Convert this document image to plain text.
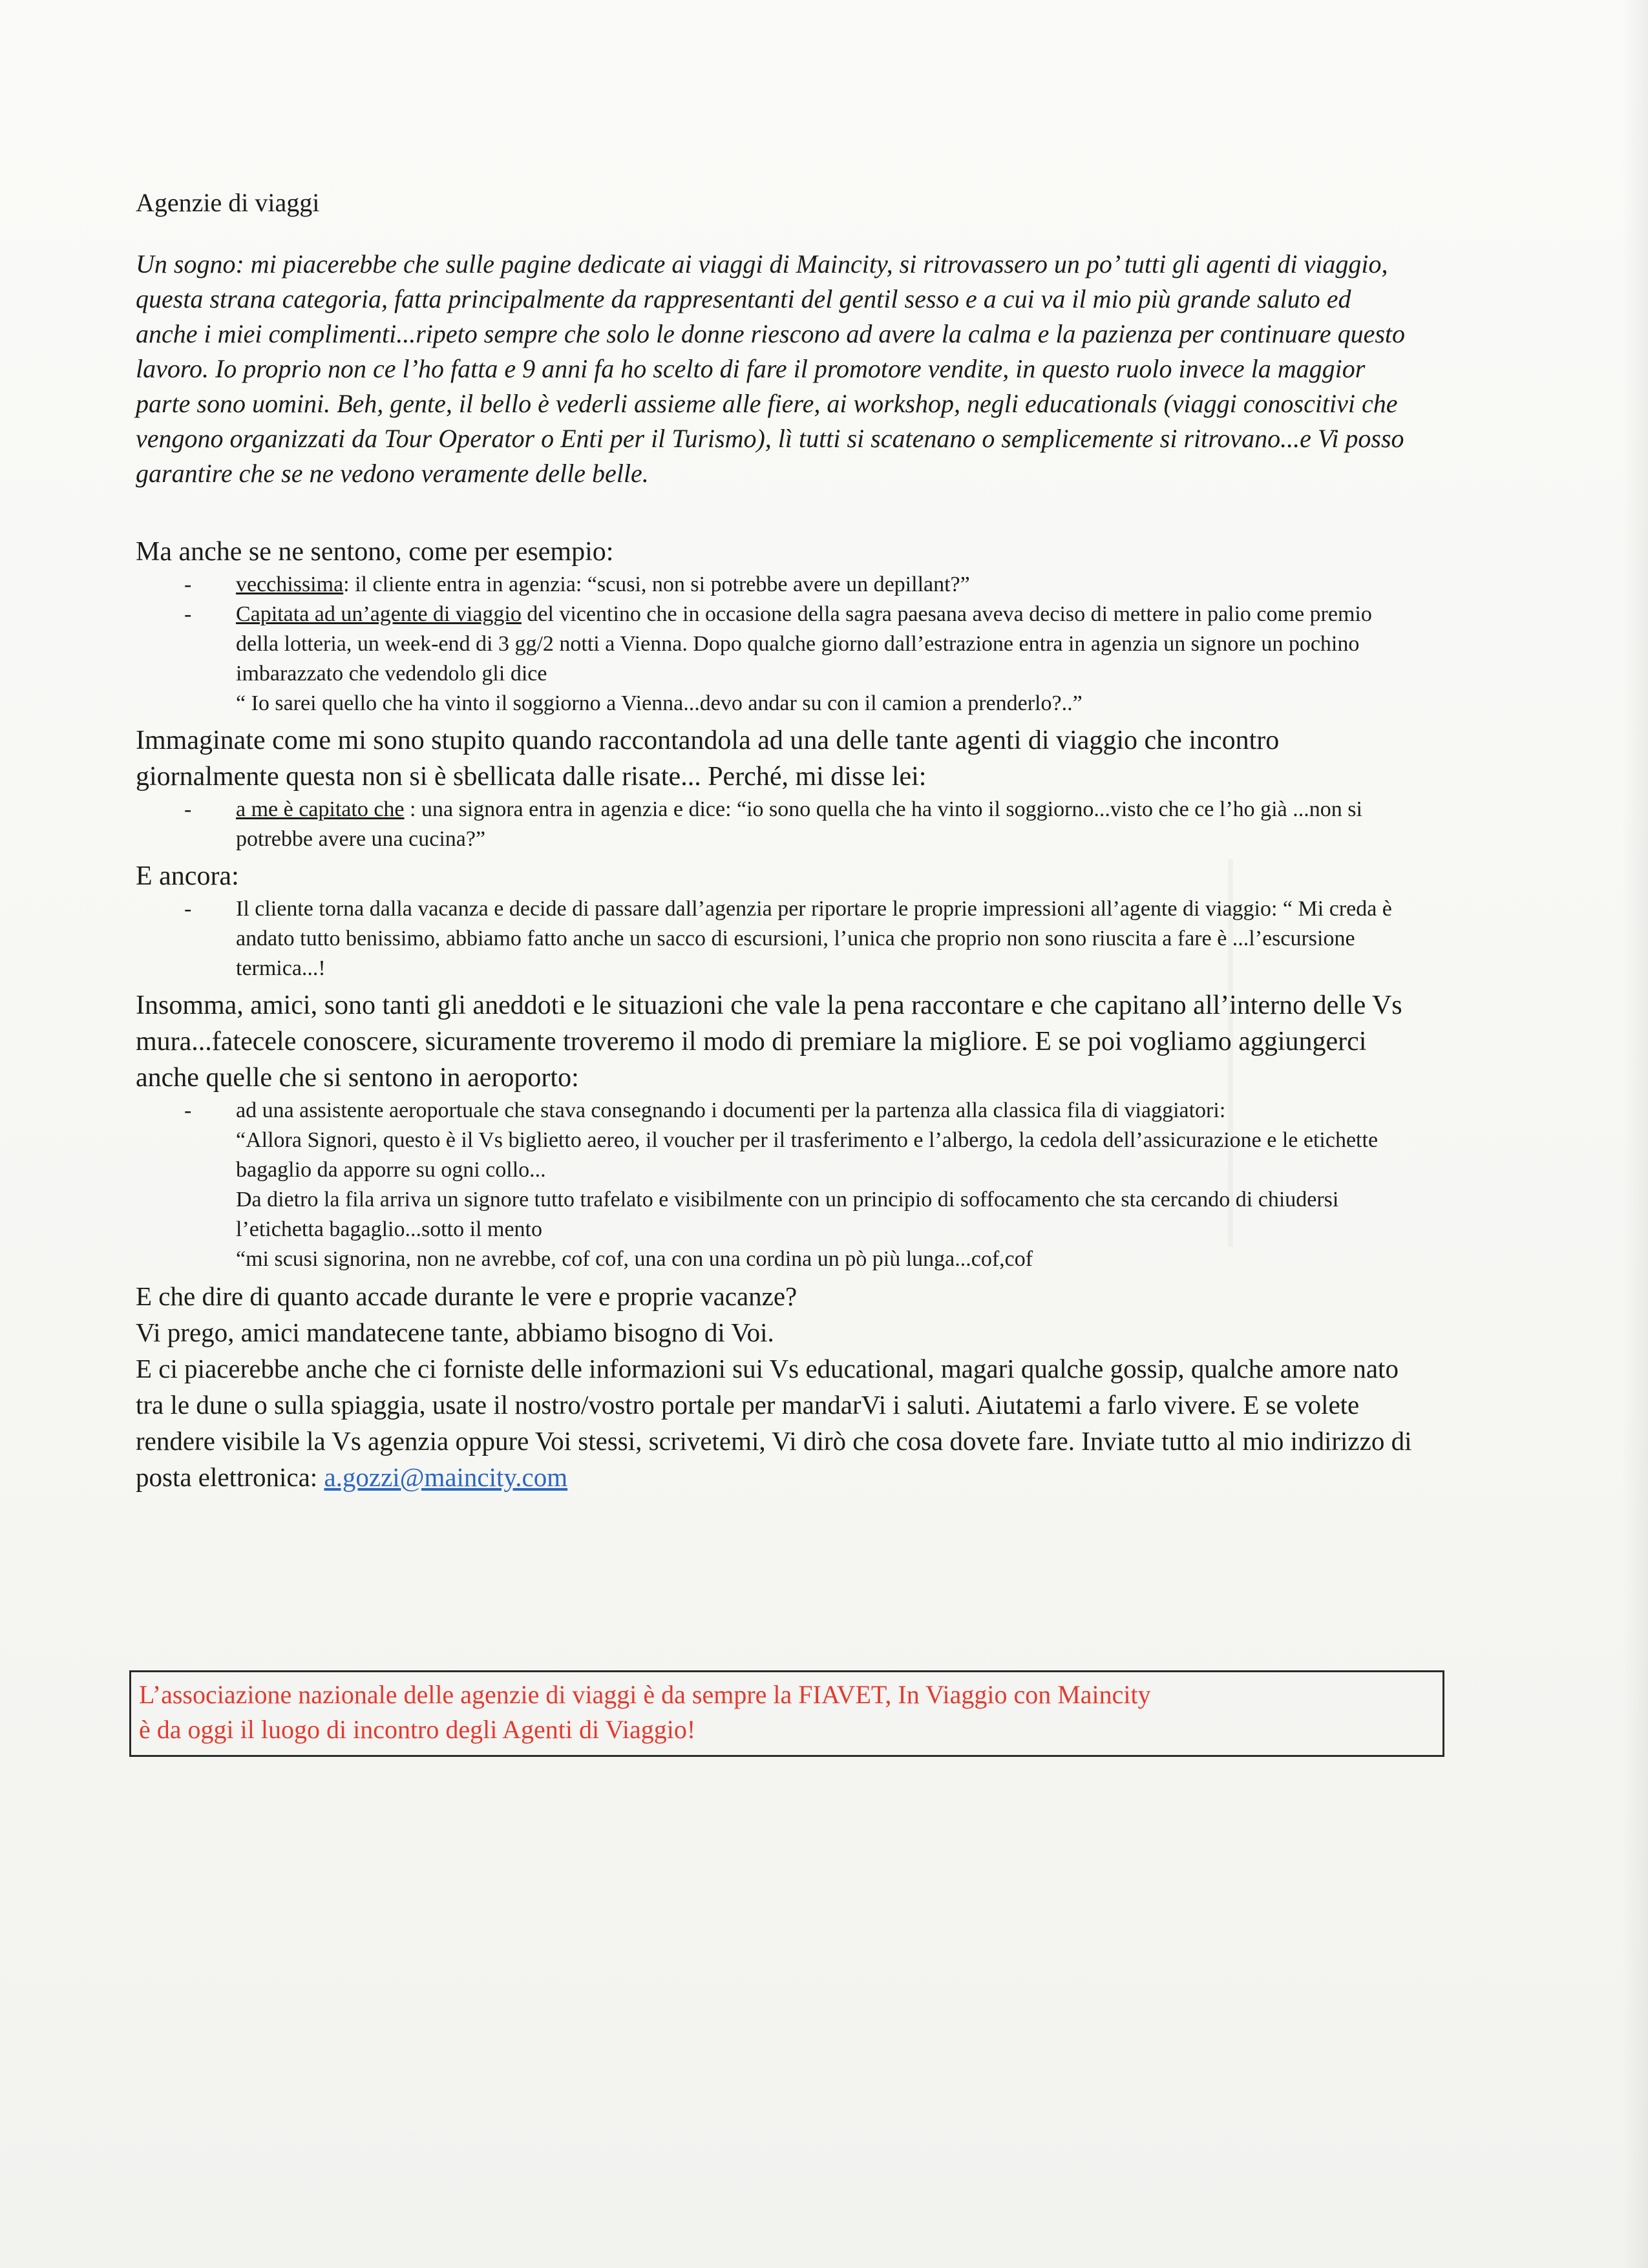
Agenzie di viaggi

Un sogno: mi piacerebbe che sulle pagine dedicate ai viaggi di Maincity, si ritrovassero un po’ tutti gli agenti di viaggio, questa strana categoria, fatta principalmente da rappresentanti del gentil sesso e a cui va il mio più grande saluto ed anche i miei complimenti...ripeto sempre che solo le donne riescono ad avere la calma e la pazienza per continuare questo lavoro. Io proprio non ce l’ho fatta e 9 anni fa ho scelto di fare il promotore vendite, in questo ruolo invece la maggior parte sono uomini. Beh, gente, il bello è vederli assieme alle fiere, ai workshop, negli educationals (viaggi conoscitivi che vengono organizzati da Tour Operator o Enti per il Turismo), lì tutti si scatenano o semplicemente si ritrovano...e Vi posso garantire che se ne vedono veramente delle belle.

Ma anche se ne sentono, come per esempio:

- vecchissima: il cliente entra in agenzia: “scusi, non si potrebbe avere un depillant?”
- Capitata ad un’agente di viaggio del vicentino che in occasione della sagra paesana aveva deciso di mettere in palio come premio della lotteria, un week-end di 3 gg/2 notti a Vienna. Dopo qualche giorno dall’estrazione entra in agenzia un signore un pochino imbarazzato che vedendolo gli dice
“ Io sarei quello che ha vinto il soggiorno a Vienna...devo andar su con il camion a prenderlo?..”

Immaginate come mi sono stupito quando raccontandola ad una delle tante agenti di viaggio che incontro giornalmente questa non si è sbellicata dalle risate... Perché, mi disse lei:

- a me è capitato che : una signora entra in agenzia e dice: “io sono quella che ha vinto il soggiorno...visto che ce l’ho già ...non si potrebbe avere una cucina?”

E ancora:

- Il cliente torna dalla vacanza e decide di passare dall’agenzia per riportare le proprie impressioni all’agente di viaggio: “ Mi creda è andato tutto benissimo, abbiamo fatto anche un sacco di escursioni, l’unica che proprio non sono riuscita a fare è ...l’escursione termica...!

Insomma, amici, sono tanti gli aneddoti e le situazioni che vale la pena raccontare e che capitano all’interno delle Vs mura...fatecele conoscere, sicuramente troveremo il modo di premiare la migliore. E se poi vogliamo aggiungerci anche quelle che si sentono in aeroporto:

- ad una assistente aeroportuale che stava consegnando i documenti per la partenza alla classica fila di viaggiatori:
“Allora Signori, questo è il Vs biglietto aereo, il voucher per il trasferimento e l’albergo, la cedola dell’assicurazione e le etichette bagaglio da apporre su ogni collo...
Da dietro la fila arriva un signore tutto trafelato e visibilmente con un principio di soffocamento che sta cercando di chiudersi l’etichetta bagaglio...sotto il mento
“mi scusi signorina, non ne avrebbe, cof cof, una con una cordina un pò più lunga...cof,cof

E che dire di quanto accade durante le vere e proprie vacanze?

Vi prego, amici mandatecene tante, abbiamo bisogno di Voi.

E ci piacerebbe anche che ci forniste delle informazioni sui Vs educational, magari qualche gossip, qualche amore nato tra le dune o sulla spiaggia, usate il nostro/vostro portale per mandarVi i saluti. Aiutatemi a farlo vivere. E se volete rendere visibile la Vs agenzia oppure Voi stessi, scrivetemi, Vi dirò che cosa dovete fare. Inviate tutto al mio indirizzo di posta elettronica: a.gozzi@maincity.com

L’associazione nazionale delle agenzie di viaggi è da sempre la FIAVET, In Viaggio con Maincity
è da oggi il luogo di incontro degli Agenti di Viaggio!
